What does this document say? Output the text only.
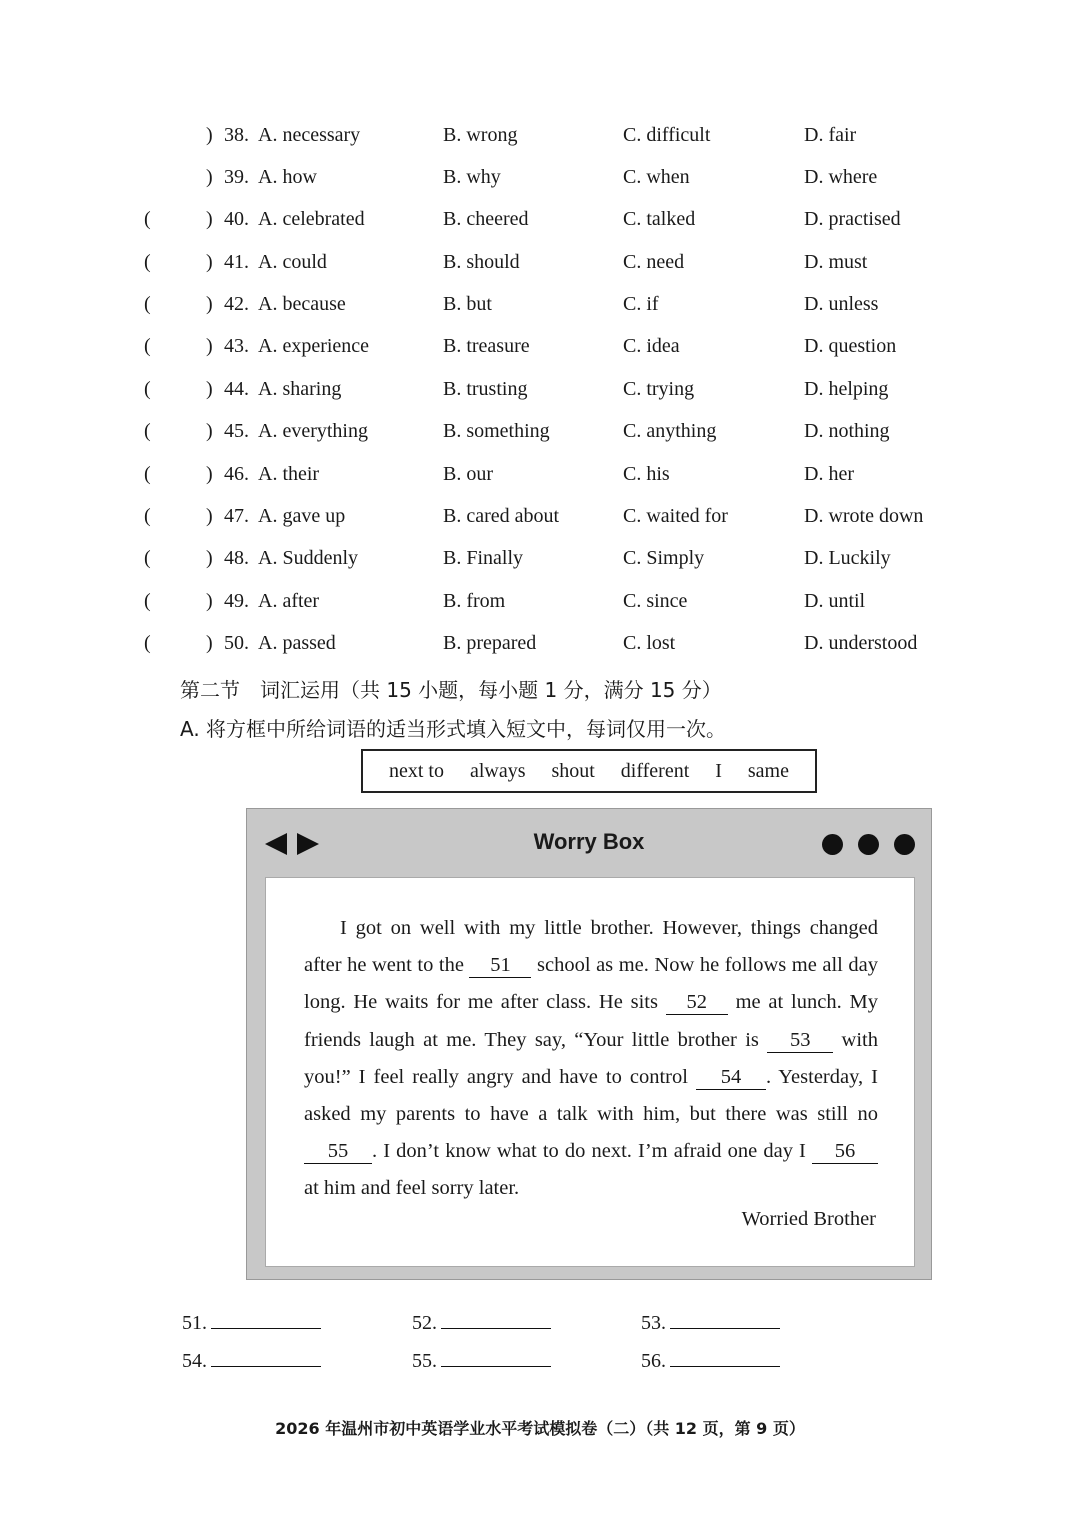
) 38. A. necessary	B. wrong	C. difficult	D. fair
) 39. A. how	B. why	C. when	D. where
(	) 40. A. celebrated	B. cheered	C. talked	D. practised
(	) 41. A. could	B. should	C. need	D. must
(	) 42. A. because	B. but	C. if	D. unless
(	) 43. A. experience	B. treasure	C. idea	D. question
(	) 44. A. sharing	B. trusting	C. trying	D. helping
(	) 45. A. everything	B. something	C. anything	D. nothing
(	) 46. A. their	B. our	C. his	D. her
(	) 47. A. gave up	B. cared about	C. waited for	D. wrote down
(	) 48. A. Suddenly	B. Finally	C. Simply	D. Luckily
(	) 49. A. after	B. from	C. since	D. until
(	) 50. A. passed	B. prepared	C. lost	D. understood
第二节　词汇运用（共 15 小题，每小题 1 分，满分 15 分）
A. 将方框中所给词语的适当形式填入短文中，每词仅用一次。
next to always shout different I same
Worry Box
I got on well with my little brother. However, things changed after he went to the 51 school as me. Now he follows me all day long. He waits for me after class. He sits 52 me at lunch. My friends laugh at me. They say, “Your little brother is 53 with you!” I feel really angry and have to control 54 . Yesterday, I asked my parents to have a talk with him, but there was still no 55 . I don’t know what to do next. I’m afraid one day I 56 at him and feel sorry later.
Worried Brother
51.	52.	53.
54.	55.	56.
2026 年温州市初中英语学业水平考试模拟卷（二）（共 12 页，第 9 页）
